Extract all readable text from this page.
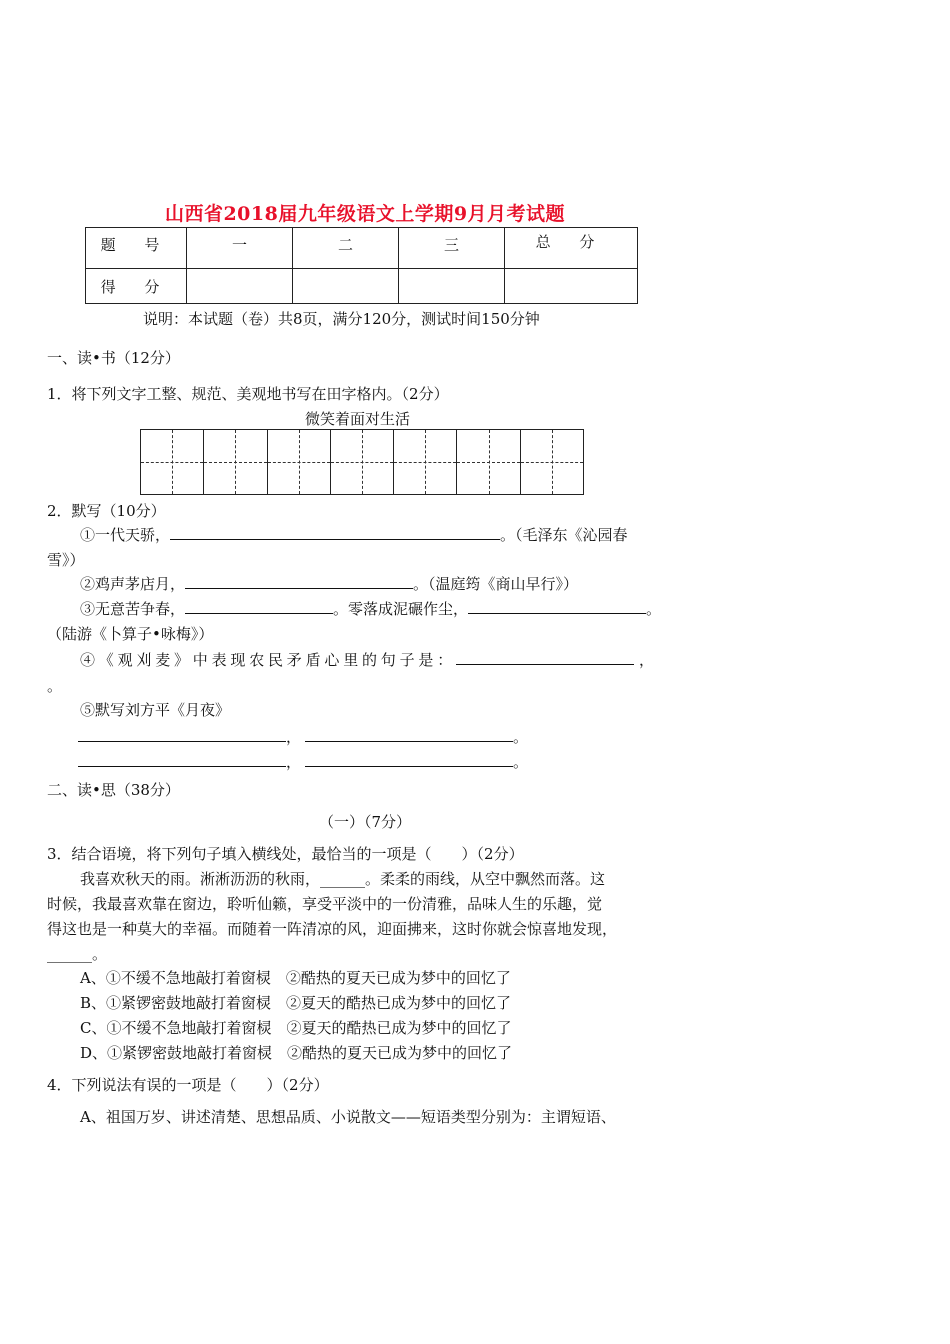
山西省2018届九年级语文上学期9月月考试题
题 号	一	二	三	总 分
得 分				
说明：本试题（卷）共8页，满分120分，测试时间150分钟
一、读•书（12分）
1．将下列文字工整、规范、美观地书写在田字格内。（2分）
微笑着面对生活
2．默写（10分）
①一代天骄，	。（毛泽东《沁园春
雪》）
②鸡声茅店月，	。（温庭筠《商山早行》）
③无意苦争春，	。零落成泥碾作尘，	。
（陆游《卜算子•咏梅》）
④《观刈麦》中表现农民矛盾心里的句子是：	，
。
⑤默写刘方平《月夜》
，	。
，	。
二、读•思（38分）
（一）（7分）
3．结合语境，将下列句子填入横线处，最恰当的一项是（　　）（2分）
我喜欢秋天的雨。淅淅沥沥的秋雨，______。柔柔的雨线，从空中飘然而落。这
时候，我最喜欢靠在窗边，聆听仙籁，享受平淡中的一份清雅，品味人生的乐趣，觉
得这也是一种莫大的幸福。而随着一阵清凉的风，迎面拂来，这时你就会惊喜地发现，
______。
A、①不缓不急地敲打着窗棂　②酷热的夏天已成为梦中的回忆了
B、①紧锣密鼓地敲打着窗棂　②夏天的酷热已成为梦中的回忆了
C、①不缓不急地敲打着窗棂　②夏天的酷热已成为梦中的回忆了
D、①紧锣密鼓地敲打着窗棂　②酷热的夏天已成为梦中的回忆了
4．下列说法有误的一项是（　　）（2分）
A、祖国万岁、讲述清楚、思想品质、小说散文——短语类型分别为：主谓短语、
